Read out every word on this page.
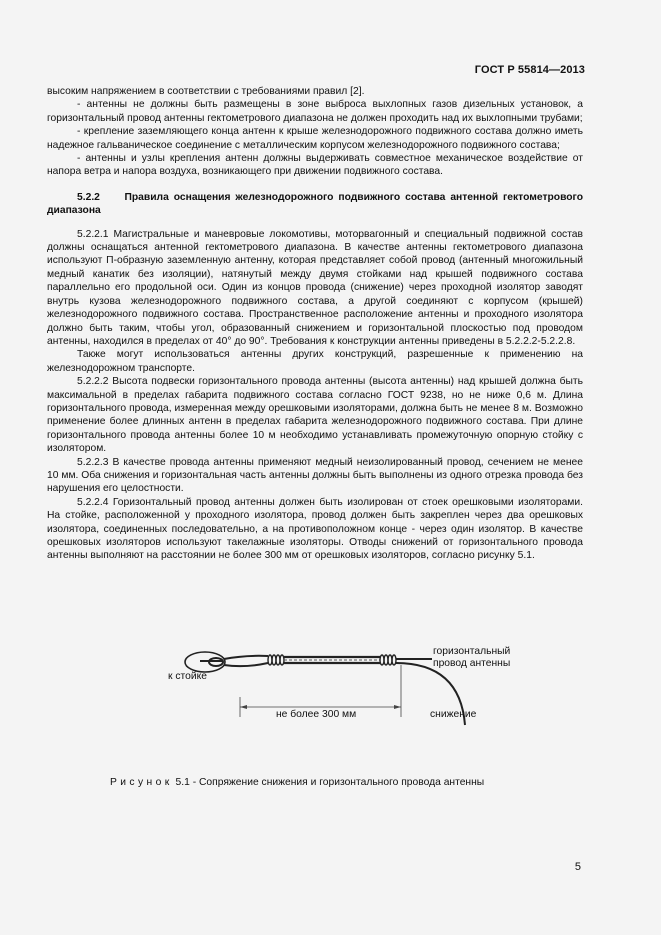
ГОСТ Р 55814—2013

высоким напряжением в соответствии с требованиями правил [2].

- антенны не должны быть размещены в зоне выброса выхлопных газов дизельных установок, а горизонтальный провод антенны гектометрового диапазона не должен проходить над их выхлопными трубами;

- крепление заземляющего конца антенн к крыше железнодорожного подвижного состава должно иметь надежное гальваническое соединение с металлическим корпусом железнодорожного подвижного состава;

- антенны и узлы крепления антенн должны выдерживать совместное механическое воздействие от напора ветра и напора воздуха, возникающего при движении подвижного состава.

5.2.2 Правила оснащения железнодорожного подвижного состава антенной гектометрового диапазона

5.2.2.1 Магистральные и маневровые локомотивы, моторвагонный и специальный подвижной состав должны оснащаться антенной гектометрового диапазона. В качестве антенны гектометрового диапазона используют П-образную заземленную антенну, которая представляет собой провод (антенный многожильный медный канатик без изоляции), натянутый между двумя стойками над крышей подвижного состава параллельно его продольной оси. Один из концов провода (снижение) через проходной изолятор заводят внутрь кузова железнодорожного подвижного состава, а другой соединяют с корпусом (крышей) железнодорожного подвижного состава. Пространственное расположение антенны и проходного изолятора должно быть таким, чтобы угол, образованный снижением и горизонтальной плоскостью под проводом антенны, находился в пределах от 40° до 90°. Требования к конструкции антенны приведены в 5.2.2.2-5.2.2.8.

Также могут использоваться антенны других конструкций, разрешенные к применению на железнодорожном транспорте.

5.2.2.2 Высота подвески горизонтального провода антенны (высота антенны) над крышей должна быть максимальной в пределах габарита подвижного состава согласно ГОСТ 9238, но не ниже 0,6 м. Длина горизонтального провода, измеренная между орешковыми изоляторами, должна быть не менее 8 м. Возможно применение более длинных антенн в пределах габарита железнодорожного подвижного состава. При длине горизонтального провода антенны более 10 м необходимо устанавливать промежуточную опорную стойку с изолятором.

5.2.2.3 В качестве провода антенны применяют медный неизолированный провод, сечением не менее 10 мм. Оба снижения и горизонтальная часть антенны должны быть выполнены из одного отрезка провода без нарушения его целостности.

5.2.2.4 Горизонтальный провод антенны должен быть изолирован от стоек орешковыми изоляторами. На стойке, расположенной у проходного изолятора, провод должен быть закреплен через два орешковых изолятора, соединенных последовательно, а на противоположном конце - через один изолятор. В качестве орешковых изоляторов используют такелажные изоляторы. Отводы снижений от горизонтального провода антенны выполняют на расстоянии не более 300 мм от орешковых изоляторов, согласно рисунку 5.1.

к стойке
горизонтальный
провод антенны
не более 300 мм	снижение
Рисунок 5.1 - Сопряжение снижения и горизонтального провода антенны
5
